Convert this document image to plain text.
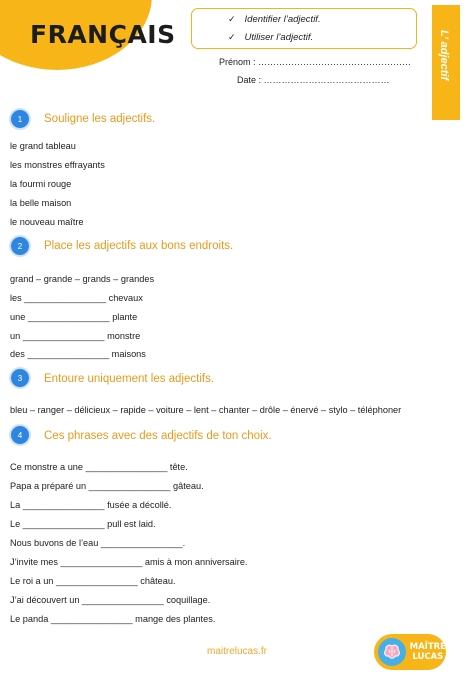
FRANÇAIS
✓ Identifier l’adjectif.
✓ Utiliser l’adjectif.
Prénom : ……………………………………………
Date : ……………………………………	L’ adjectif
1	Souligne les adjectifs.
le grand tableau
les monstres effrayants
la fourmi rouge
la belle maison
le nouveau maître
2	Place les adjectifs aux bons endroits.
grand – grande – grands – grandes
les ________________ chevaux
une ________________ plante
un ________________ monstre
des ________________ maisons
3	Entoure uniquement les adjectifs.
bleu – ranger – délicieux – rapide – voiture – lent – chanter – drôle – énervé – stylo – téléphoner
4	Ces phrases avec des adjectifs de ton choix.
Ce monstre a une ________________ tête.
Papa a préparé un ________________ gâteau.
La ________________ fusée a décollé.
Le ________________ pull est laid.
Nous buvons de l’eau ________________.
J’invite mes ________________ amis à mon anniversaire.
Le roi a un ________________ château.
J’ai découvert un ________________ coquillage.
Le panda ________________ mange des plantes.
maitrelucas.fr	MAÎTRE
LUCAS
